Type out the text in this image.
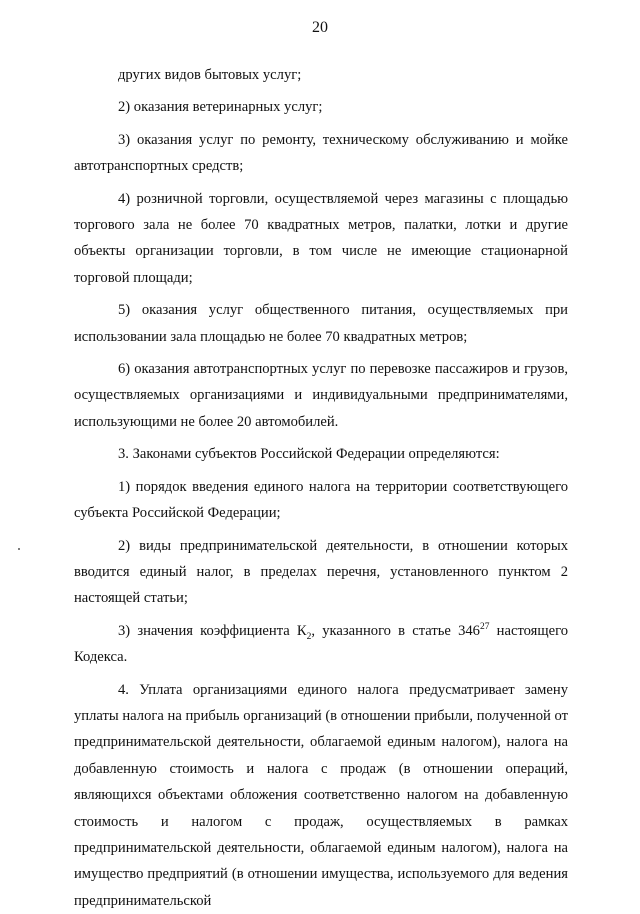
20

других видов бытовых услуг;

2) оказания ветеринарных услуг;

3) оказания услуг по ремонту, техническому обслуживанию и мойке автотранспортных средств;

4) розничной торговли, осуществляемой через магазины с площадью торгового зала не более 70 квадратных метров, палатки, лотки и другие объекты организации торговли, в том числе не имеющие стационарной торговой площади;

5) оказания услуг общественного питания, осуществляемых при использовании зала площадью не более 70 квадратных метров;

6) оказания автотранспортных услуг по перевозке пассажиров и грузов, осуществляемых организациями и индивидуальными предпринимателями, использующими не более 20 автомобилей.

3. Законами субъектов Российской Федерации определяются:

1) порядок введения единого налога на территории соответствующего субъекта Российской Федерации;

2) виды предпринимательской деятельности, в отношении которых вводится единый налог, в пределах перечня, установленного пунктом 2 настоящей статьи;

3) значения коэффициента $К_2$, указанного в статье $346^{27}$ настоящего Кодекса.

4. Уплата организациями единого налога предусматривает замену уплаты налога на прибыль организаций (в отношении прибыли, полученной от предпринимательской деятельности, облагаемой единым налогом), налога на добавленную стоимость и налога с продаж (в отношении операций, являющихся объектами обложения соответственно налогом на добавленную стоимость и налогом с продаж, осуществляемых в рамках предпринимательской деятельности, облагаемой единым налогом), налога на имущество предприятий (в отношении имущества, используемого для ведения предпринимательской
